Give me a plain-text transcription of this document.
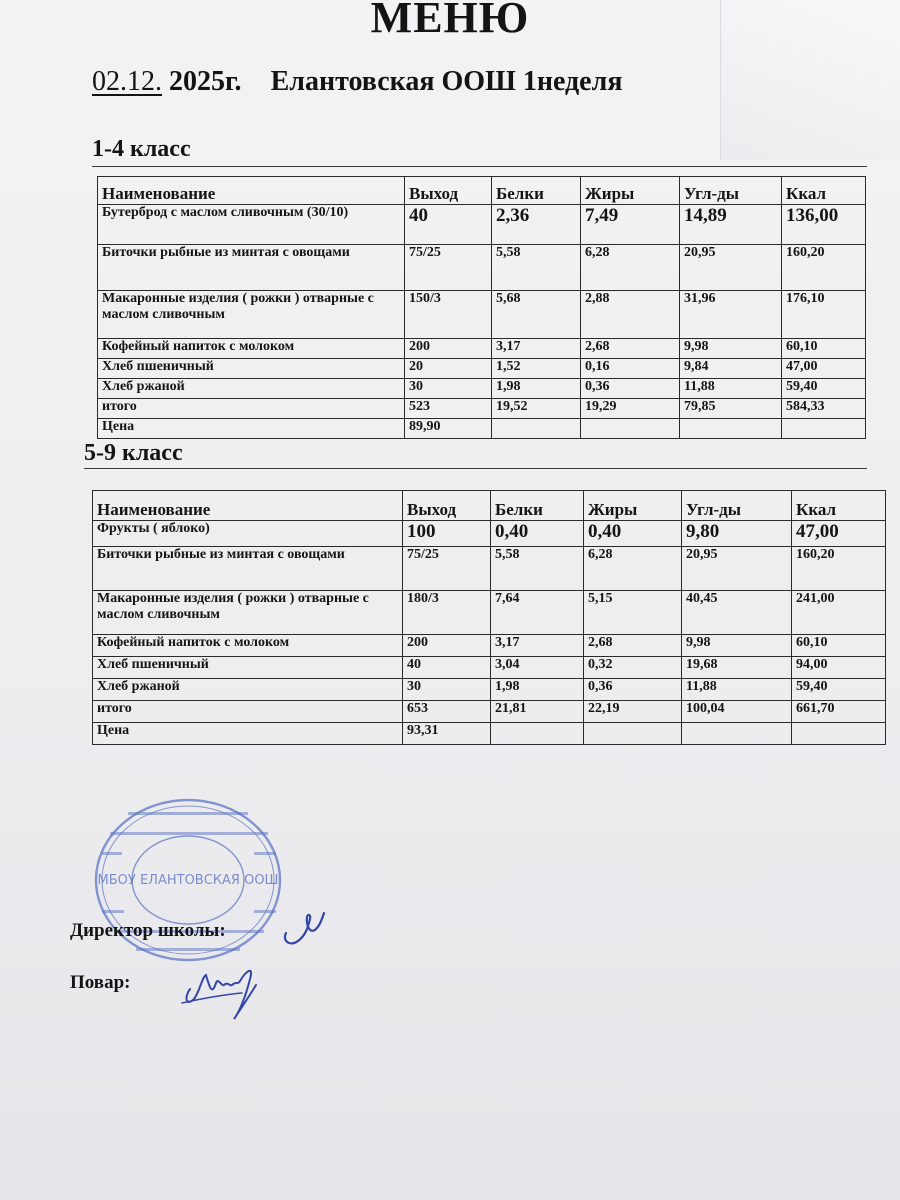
МЕНЮ
02.12. 2025г. Елантовская ООШ 1неделя
1-4 класс
Наименование	Выход	Белки	Жиры	Угл-ды	Ккал
Бутерброд с маслом сливочным (30/10)	40	2,36	7,49	14,89	136,00
Биточки рыбные из минтая с овощами	75/25	5,58	6,28	20,95	160,20
Макаронные изделия ( рожки ) отварные с маслом сливочным	150/3	5,68	2,88	31,96	176,10
Кофейный напиток с молоком	200	3,17	2,68	9,98	60,10
Хлеб пшеничный	20	1,52	0,16	9,84	47,00
Хлеб ржаной	30	1,98	0,36	11,88	59,40
итого	523	19,52	19,29	79,85	584,33
Цена	89,90				
5-9 класс
Наименование	Выход	Белки	Жиры	Угл-ды	Ккал
Фрукты ( яблоко)	100	0,40	0,40	9,80	47,00
Биточки рыбные из минтая с овощами	75/25	5,58	6,28	20,95	160,20
Макаронные изделия ( рожки ) отварные с маслом сливочным	180/3	7,64	5,15	40,45	241,00
Кофейный напиток с молоком	200	3,17	2,68	9,98	60,10
Хлеб пшеничный	40	3,04	0,32	19,68	94,00
Хлеб ржаной	30	1,98	0,36	11,88	59,40
итого	653	21,81	22,19	100,04	661,70
Цена	93,31				
МБОУ ЕЛАНТОВСКАЯ ООШ
Директор школы:
Повар:
